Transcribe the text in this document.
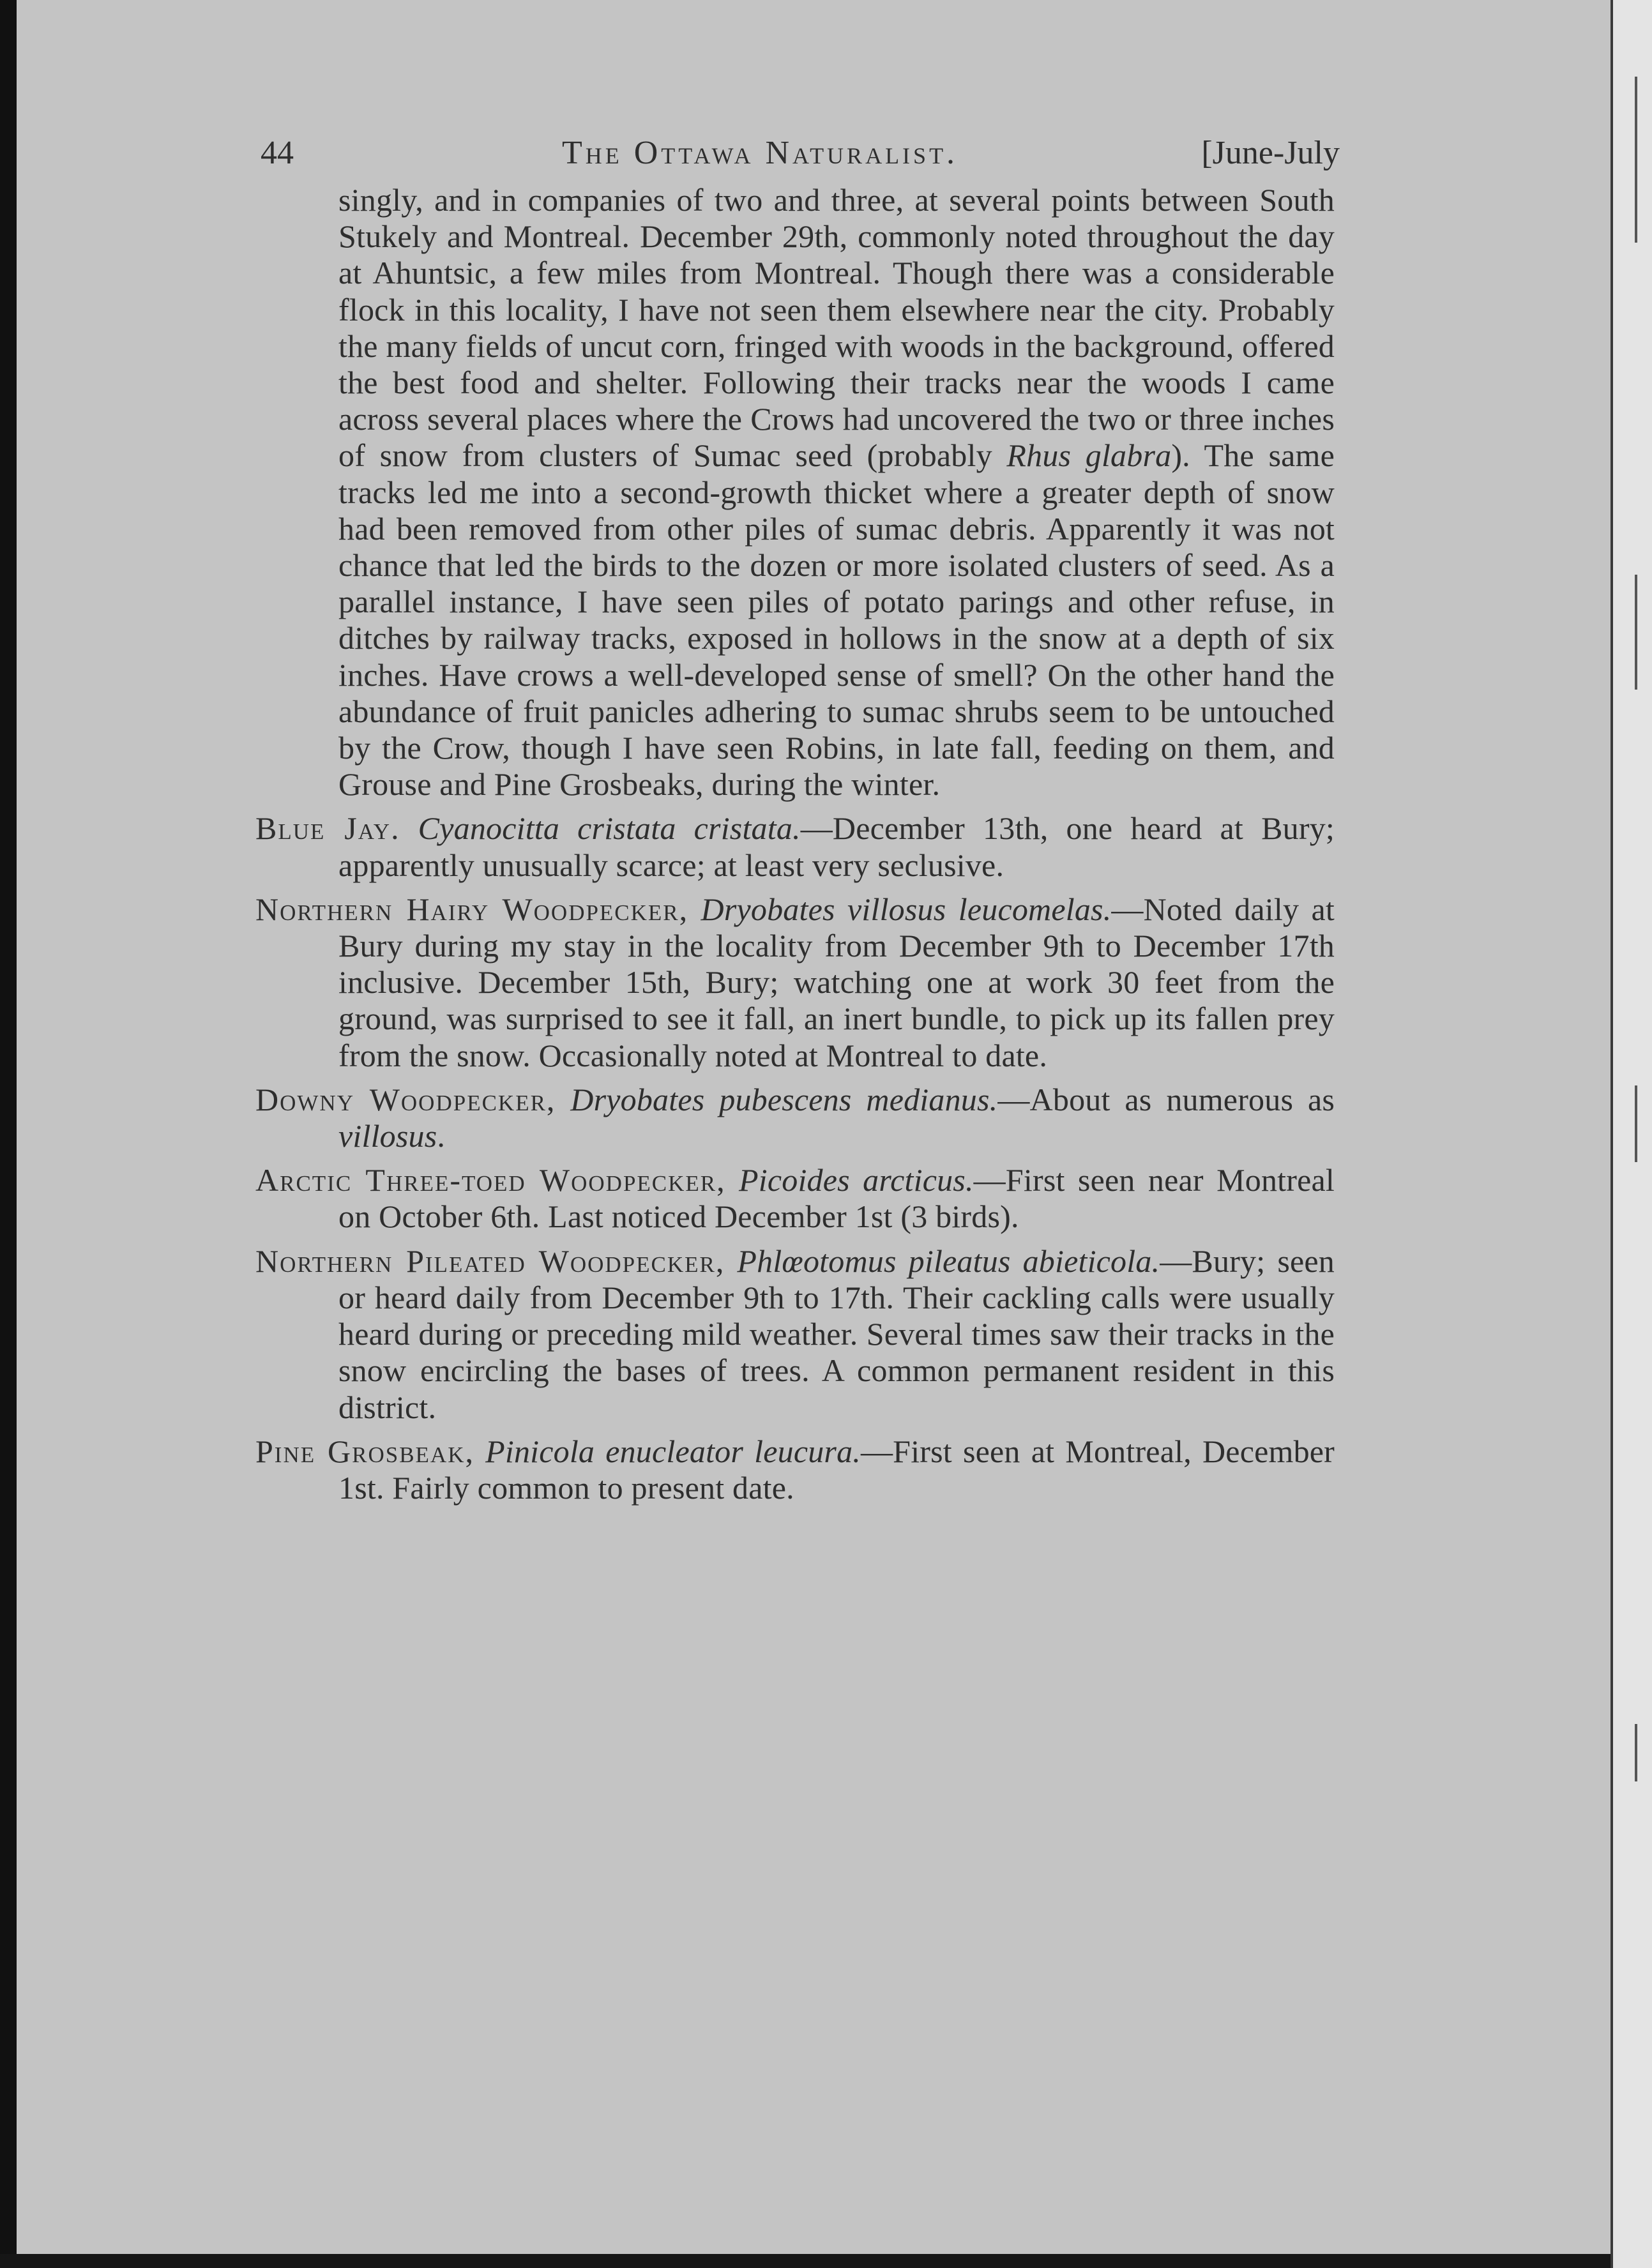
44	The Ottawa Naturalist.	[June-July

singly, and in companies of two and three, at several points between South Stukely and Montreal. December 29th, commonly noted throughout the day at Ahuntsic, a few miles from Montreal. Though there was a considerable flock in this locality, I have not seen them elsewhere near the city. Probably the many fields of uncut corn, fringed with woods in the background, offered the best food and shelter. Following their tracks near the woods I came across several places where the Crows had uncovered the two or three inches of snow from clusters of Sumac seed (probably Rhus glabra). The same tracks led me into a second-growth thicket where a greater depth of snow had been removed from other piles of sumac debris. Apparently it was not chance that led the birds to the dozen or more isolated clusters of seed. As a parallel instance, I have seen piles of potato parings and other refuse, in ditches by railway tracks, exposed in hollows in the snow at a depth of six inches. Have crows a well-developed sense of smell? On the other hand the abundance of fruit panicles adhering to sumac shrubs seem to be untouched by the Crow, though I have seen Robins, in late fall, feeding on them, and Grouse and Pine Grosbeaks, during the winter.

Blue Jay. Cyanocitta cristata cristata.—December 13th, one heard at Bury; apparently unusually scarce; at least very seclusive.

Northern Hairy Woodpecker, Dryobates villosus leucomelas.—Noted daily at Bury during my stay in the locality from December 9th to December 17th inclusive. December 15th, Bury; watching one at work 30 feet from the ground, was surprised to see it fall, an inert bundle, to pick up its fallen prey from the snow. Occasionally noted at Montreal to date.

Downy Woodpecker, Dryobates pubescens medianus.—About as numerous as villosus.

Arctic Three-toed Woodpecker, Picoides arcticus.—First seen near Montreal on October 6th. Last noticed December 1st (3 birds).

Northern Pileated Woodpecker, Phlœotomus pileatus abieticola.—Bury; seen or heard daily from December 9th to 17th. Their cackling calls were usually heard during or preceding mild weather. Several times saw their tracks in the snow encircling the bases of trees. A common permanent resident in this district.

Pine Grosbeak, Pinicola enucleator leucura.—First seen at Montreal, December 1st. Fairly common to present date.
